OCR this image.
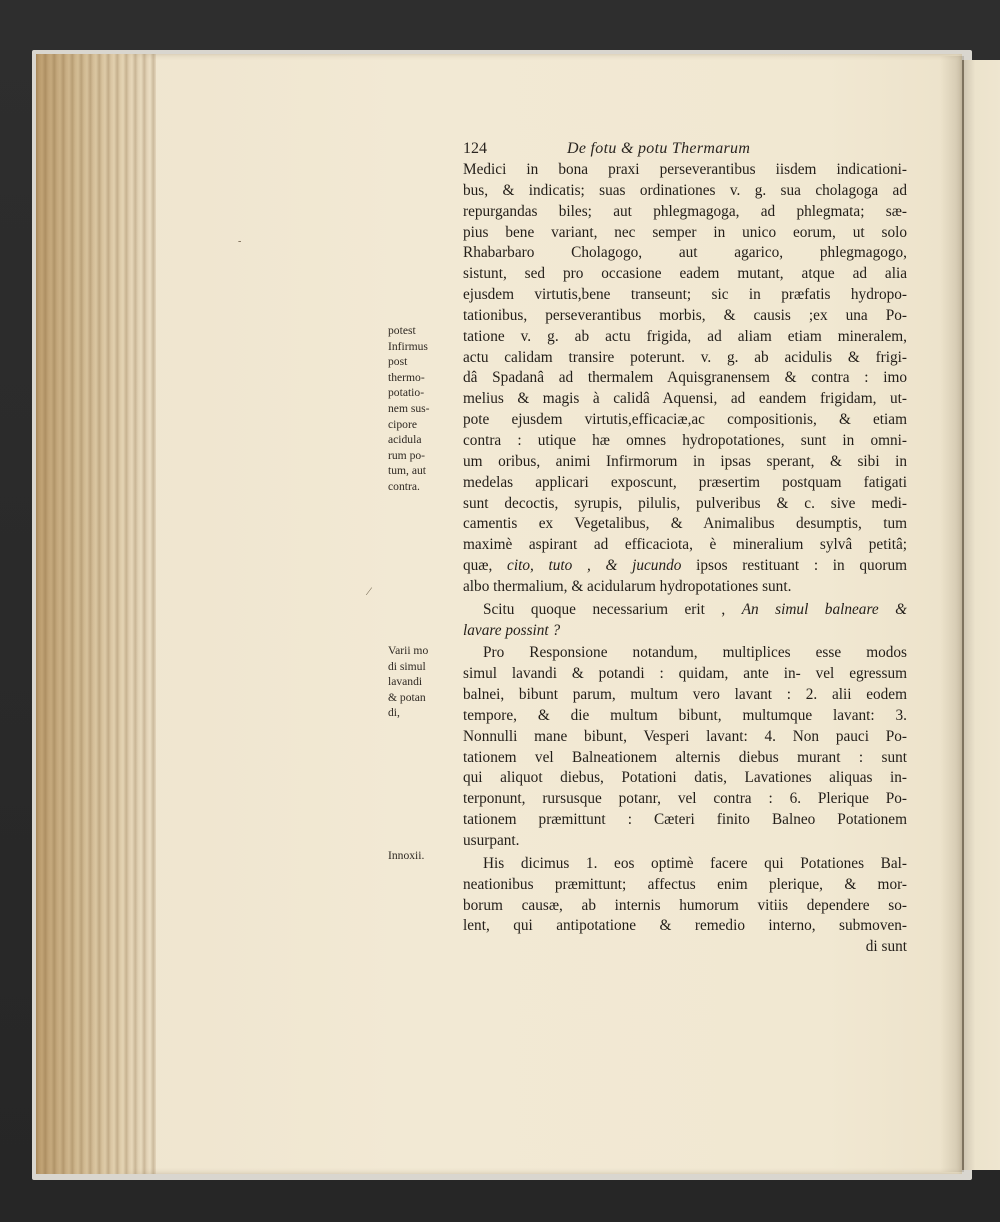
124	De fotu & potu Thermarum
Medici in bona praxi perseverantibus iisdem indicationi-
bus, & indicatis; suas ordinationes v. g. sua cholagoga ad
repurgandas biles; aut phlegmagoga, ad phlegmata; sæ-
pius bene variant, nec semper in unico eorum, ut solo
Rhabarbaro Cholagogo, aut agarico, phlegmagogo,
sistunt, sed pro occasione eadem mutant, atque ad alia
ejusdem virtutis,bene transeunt; sic in præfatis hydropo-
tationibus, perseverantibus morbis, & causis ;ex una Po-
tatione v. g. ab actu frigida, ad aliam etiam mineralem,
actu calidam transire poterunt. v. g. ab acidulis & frigi-
dâ Spadanâ ad thermalem Aquisgranensem & contra : imo
melius & magis à calidâ Aquensi, ad eandem frigidam, ut-
pote ejusdem virtutis,efficaciæ,ac compositionis, & etiam
contra : utique hæ omnes hydropotationes, sunt in omni-
um oribus, animi Infirmorum in ipsas sperant, & sibi in
medelas applicari exposcunt, præsertim postquam fatigati
sunt decoctis, syrupis, pilulis, pulveribus & c. sive medi-
camentis ex Vegetalibus, & Animalibus desumptis, tum
maximè aspirant ad efficaciota, è mineralium sylvâ petitâ;
quæ, cito, tuto , & jucundo ipsos restituant : in quorum
albo thermalium, & acidularum hydropotationes sunt.
Scitu quoque necessarium erit , An simul balneare &
lavare possint ?
Pro Responsione notandum, multiplices esse modos
simul lavandi & potandi : quidam, ante in- vel egressum
balnei, bibunt parum, multum vero lavant : 2. alii eodem
tempore, & die multum bibunt, multumque lavant: 3.
Nonnulli mane bibunt, Vesperi lavant: 4. Non pauci Po-
tationem vel Balneationem alternis diebus murant : sunt
qui aliquot diebus, Potationi datis, Lavationes aliquas in-
terponunt, rursusque potanr, vel contra : 6. Plerique Po-
tationem præmittunt : Cæteri finito Balneo Potationem
usurpant.
His dicimus 1. eos optimè facere qui Potationes Bal-
neationibus præmittunt; affectus enim plerique, & mor-
borum causæ, ab internis humorum vitiis dependere so-
lent, qui antipotatione & remedio interno, submoven-
di sunt
potest
Infirmus
post
thermo-
potatio-
nem sus-
cipore
acidula
rum po-
tum, aut
contra.
Varii mo
di simul
lavandi
& potan
di,
Innoxii.
⁄
‑
